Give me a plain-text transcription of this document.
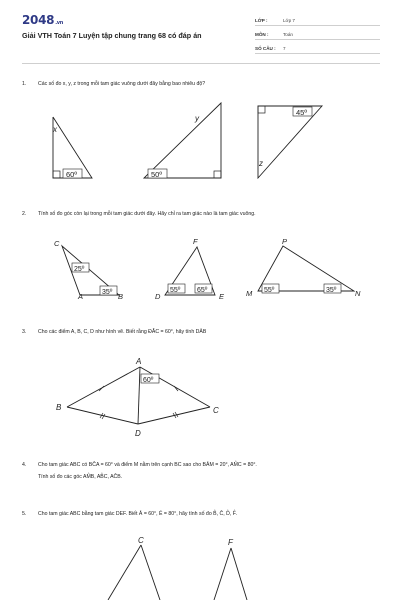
2048.vn
Giải VTH Toán 7 Luyện tập chung trang 68 có đáp án
LỚP :	Lớp 7
MÔN :	Toán
SỐ CÂU : 7
1. Các số đo x, y, z trong mỗi tam giác vuông dưới đây bằng bao nhiêu độ?
2. Tính số đo góc còn lại trong mỗi tam giác dưới đây. Hãy chỉ ra tam giác nào là tam giác vuông.
3. Cho các điểm A, B, C, D như hình vẽ. Biết rằng ĐẮC = 60°, hãy tính DÂB
4. Cho tam giác ABC có BĈA = 60° và điểm M nằm trên cạnh BC sao cho BÂM = 20°, AM̂C = 80°.
Tính số đo các góc AM̂B, AB̂C, AĈB.
5. Cho tam giác ABC bằng tam giác DEF. Biết Â = 60°, Ê = 80°, hãy tính số đo B̂, Ĉ, D̂, F̂.
x
y
z
60º	50º
45º
C
A	B
25º
35º
F
D	E
55º 65º
P
M	N
55º	35º
A
B	C
D
60º
C	F
